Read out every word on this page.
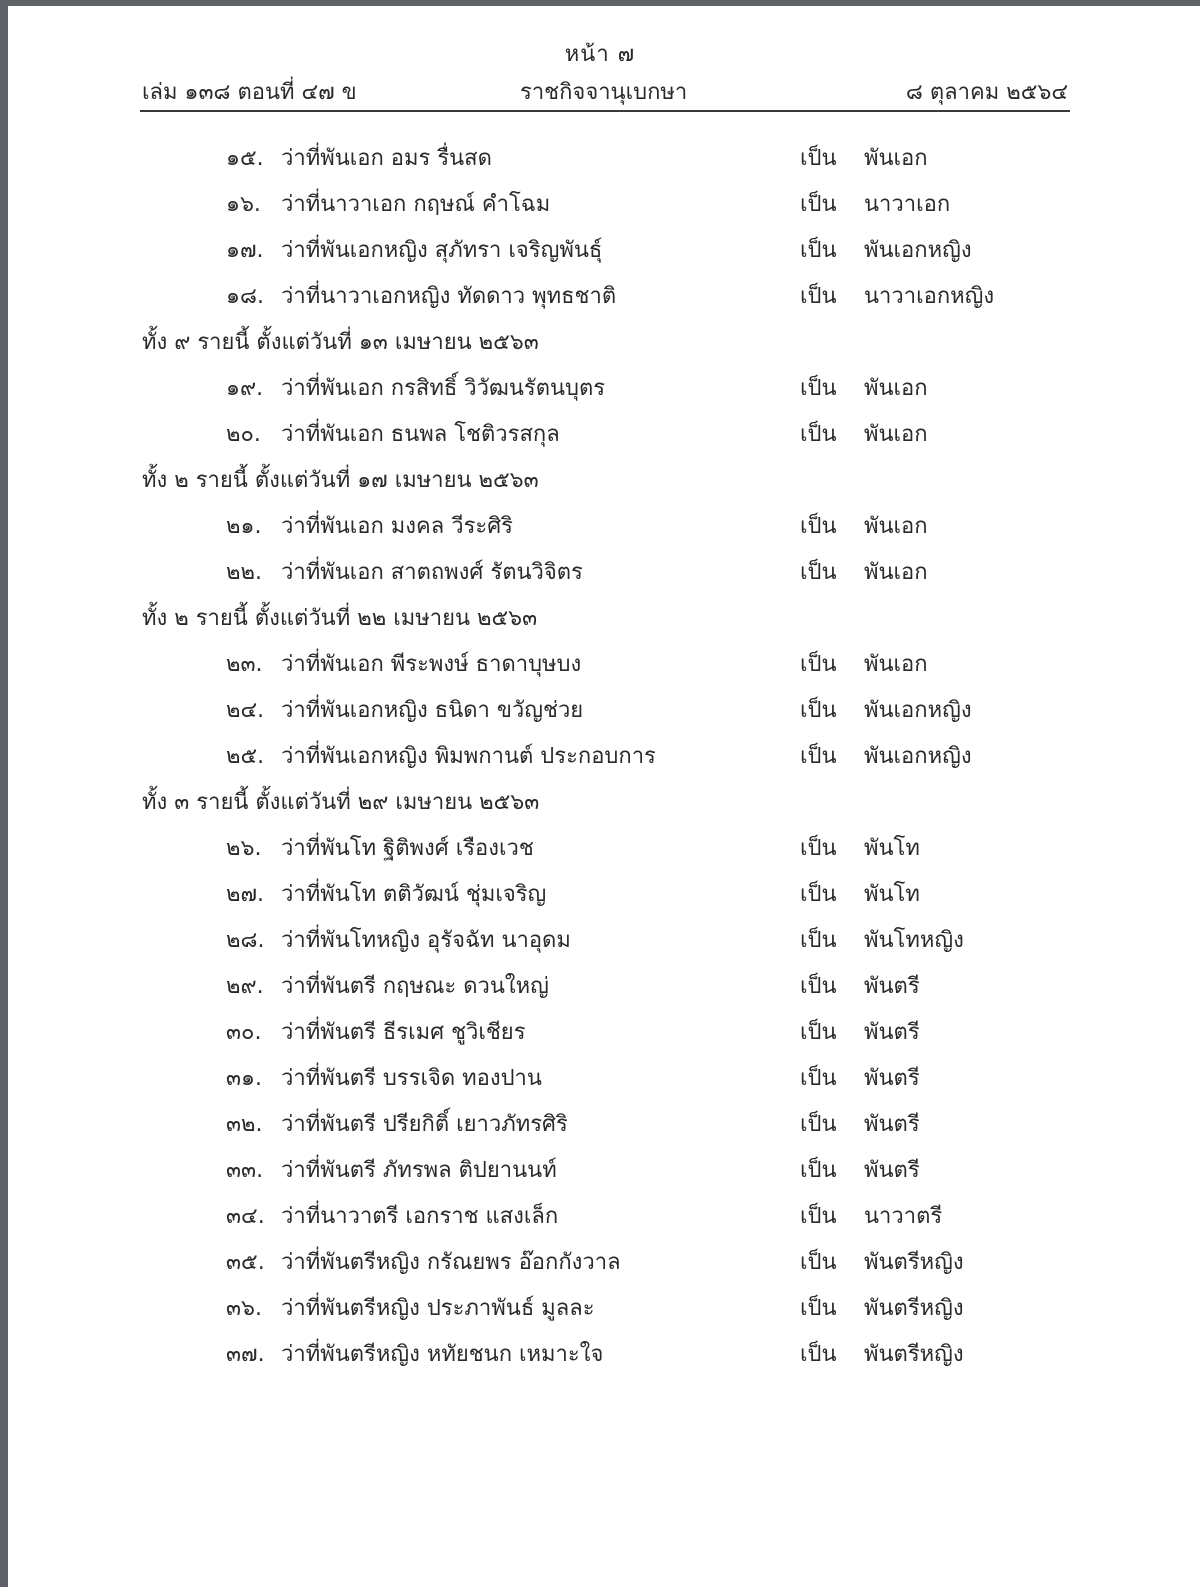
หน้า ๗
เล่ม ๑๓๘ ตอนที่ ๔๗ ข	ราชกิจจานุเบกษา	๘ ตุลาคม ๒๕๖๔
๑๕. ว่าที่พันเอก อมร รื่นสด	เป็น พันเอก
๑๖. ว่าที่นาวาเอก กฤษณ์ คำโฉม	เป็น นาวาเอก
๑๗. ว่าที่พันเอกหญิง สุภัทรา เจริญพันธุ์	เป็น พันเอกหญิง
๑๘. ว่าที่นาวาเอกหญิง ทัดดาว พุทธชาติ	เป็น นาวาเอกหญิง
ทั้ง ๙ รายนี้ ตั้งแต่วันที่ ๑๓ เมษายน ๒๕๖๓
๑๙. ว่าที่พันเอก กรสิทธิ์ วิวัฒนรัตนบุตร	เป็น พันเอก
๒๐. ว่าที่พันเอก ธนพล โชติวรสกุล	เป็น พันเอก
ทั้ง ๒ รายนี้ ตั้งแต่วันที่ ๑๗ เมษายน ๒๕๖๓
๒๑. ว่าที่พันเอก มงคล วีระศิริ	เป็น พันเอก
๒๒. ว่าที่พันเอก สาตถพงศ์ รัตนวิจิตร	เป็น พันเอก
ทั้ง ๒ รายนี้ ตั้งแต่วันที่ ๒๒ เมษายน ๒๕๖๓
๒๓. ว่าที่พันเอก พีระพงษ์ ธาดาบุษบง	เป็น พันเอก
๒๔. ว่าที่พันเอกหญิง ธนิดา ขวัญช่วย	เป็น พันเอกหญิง
๒๕. ว่าที่พันเอกหญิง พิมพกานต์ ประกอบการ	เป็น พันเอกหญิง
ทั้ง ๓ รายนี้ ตั้งแต่วันที่ ๒๙ เมษายน ๒๕๖๓
๒๖. ว่าที่พันโท ฐิติพงศ์ เรืองเวช	เป็น พันโท
๒๗. ว่าที่พันโท ตติวัฒน์ ชุ่มเจริญ	เป็น พันโท
๒๘. ว่าที่พันโทหญิง อุรัจฉัท นาอุดม	เป็น พันโทหญิง
๒๙. ว่าที่พันตรี กฤษณะ ดวนใหญ่	เป็น พันตรี
๓๐. ว่าที่พันตรี ธีรเมศ ชูวิเชียร	เป็น พันตรี
๓๑. ว่าที่พันตรี บรรเจิด ทองปาน	เป็น พันตรี
๓๒. ว่าที่พันตรี ปรียกิติ์ เยาวภัทรศิริ	เป็น พันตรี
๓๓. ว่าที่พันตรี ภัทรพล ติปยานนท์	เป็น พันตรี
๓๔. ว่าที่นาวาตรี เอกราช แสงเล็ก	เป็น นาวาตรี
๓๕. ว่าที่พันตรีหญิง กรัณยพร อ๊อกกังวาล	เป็น พันตรีหญิง
๓๖. ว่าที่พันตรีหญิง ประภาพันธ์ มูลละ	เป็น พันตรีหญิง
๓๗. ว่าที่พันตรีหญิง หทัยชนก เหมาะใจ	เป็น พันตรีหญิง
